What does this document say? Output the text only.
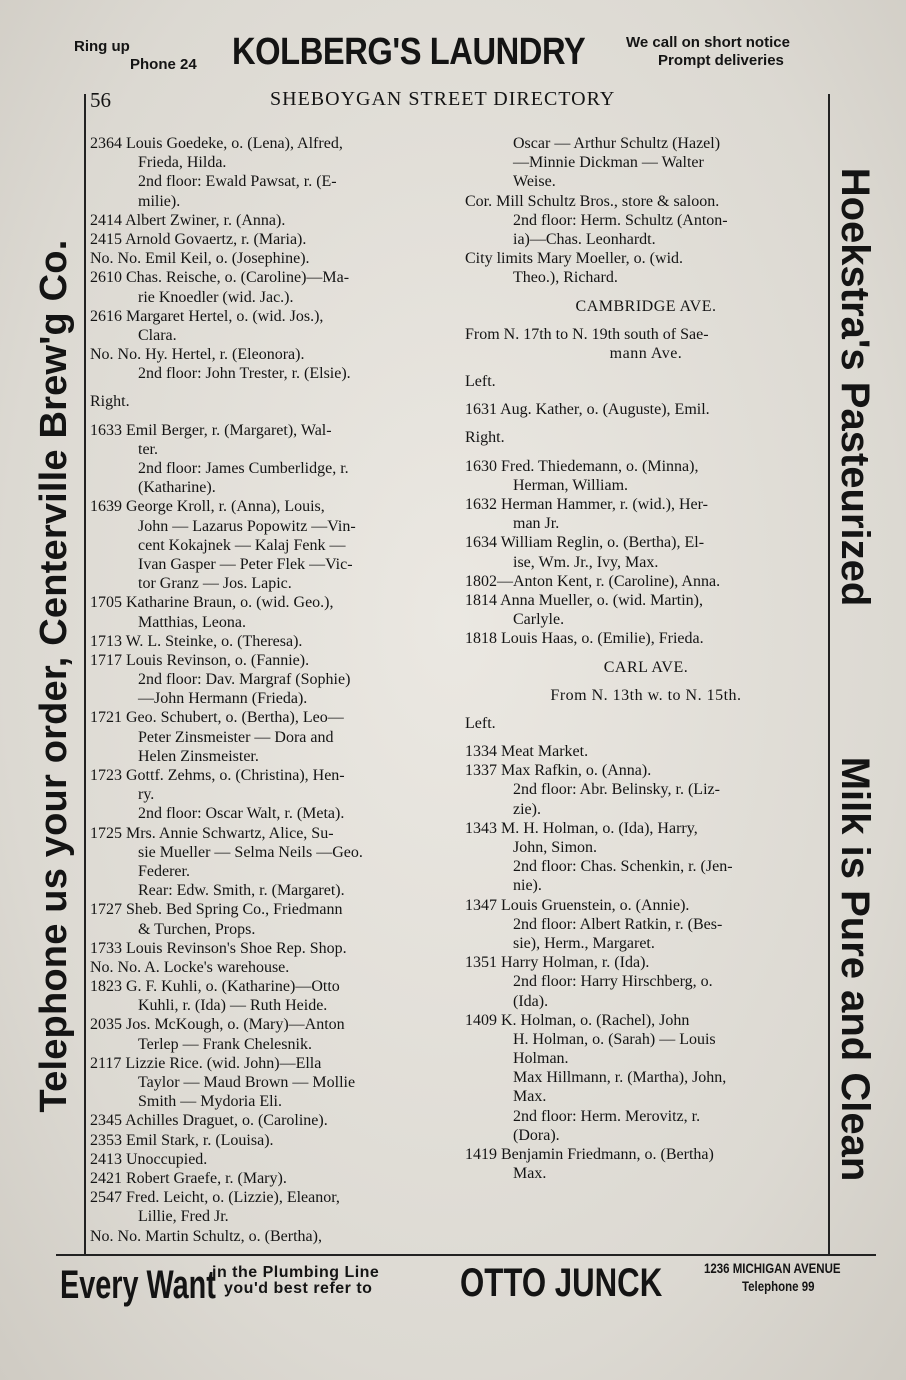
Ring up
Phone 24 KOLBERG'S LAUNDRY	We call on short notice
Prompt deliveries
Telephone us your order, Centerville Brew'g Co.	Hoekstra's Pasteurized
Milk is Pure and Clean
56	SHEBOYGAN STREET DIRECTORY
2364 Louis Goedeke, o. (Lena), Alfred,
Frieda, Hilda.
2nd floor: Ewald Pawsat, r. (E-
milie).
2414 Albert Zwiner, r. (Anna).
2415 Arnold Govaertz, r. (Maria).
No. No. Emil Keil, o. (Josephine).
2610 Chas. Reische, o. (Caroline)—Ma-
rie Knoedler (wid. Jac.).
2616 Margaret Hertel, o. (wid. Jos.),
Clara.
No. No. Hy. Hertel, r. (Eleonora).
2nd floor: John Trester, r. (Elsie).
Right.
1633 Emil Berger, r. (Margaret), Wal-
ter.
2nd floor: James Cumberlidge, r.
(Katharine).
1639 George Kroll, r. (Anna), Louis,
John — Lazarus Popowitz —Vin-
cent Kokajnek — Kalaj Fenk —
Ivan Gasper — Peter Flek —Vic-
tor Granz — Jos. Lapic.
1705 Katharine Braun, o. (wid. Geo.),
Matthias, Leona.
1713 W. L. Steinke, o. (Theresa).
1717 Louis Revinson, o. (Fannie).
2nd floor: Dav. Margraf (Sophie)
—John Hermann (Frieda).
1721 Geo. Schubert, o. (Bertha), Leo—
Peter Zinsmeister — Dora and
Helen Zinsmeister.
1723 Gottf. Zehms, o. (Christina), Hen-
ry.
2nd floor: Oscar Walt, r. (Meta).
1725 Mrs. Annie Schwartz, Alice, Su-
sie Mueller — Selma Neils —Geo.
Federer.
Rear: Edw. Smith, r. (Margaret).
1727 Sheb. Bed Spring Co., Friedmann
& Turchen, Props.
1733 Louis Revinson's Shoe Rep. Shop.
No. No. A. Locke's warehouse.
1823 G. F. Kuhli, o. (Katharine)—Otto
Kuhli, r. (Ida) — Ruth Heide.
2035 Jos. McKough, o. (Mary)—Anton
Terlep — Frank Chelesnik.
2117 Lizzie Rice. (wid. John)—Ella
Taylor — Maud Brown — Mollie
Smith — Mydoria Eli.
2345 Achilles Draguet, o. (Caroline).
2353 Emil Stark, r. (Louisa).
2413 Unoccupied.
2421 Robert Graefe, r. (Mary).
2547 Fred. Leicht, o. (Lizzie), Eleanor,
Lillie, Fred Jr.
No. No. Martin Schultz, o. (Bertha),
Oscar — Arthur Schultz (Hazel)
—Minnie Dickman — Walter
Weise.
Cor. Mill Schultz Bros., store & saloon.
2nd floor: Herm. Schultz (Anton-
ia)—Chas. Leonhardt.
City limits Mary Moeller, o. (wid.
Theo.), Richard.
CAMBRIDGE AVE.
From N. 17th to N. 19th south of Sae-
mann Ave.
Left.
1631 Aug. Kather, o. (Auguste), Emil.
Right.
1630 Fred. Thiedemann, o. (Minna),
Herman, William.
1632 Herman Hammer, r. (wid.), Her-
man Jr.
1634 William Reglin, o. (Bertha), El-
ise, Wm. Jr., Ivy, Max.
1802—Anton Kent, r. (Caroline), Anna.
1814 Anna Mueller, o. (wid. Martin),
Carlyle.
1818 Louis Haas, o. (Emilie), Frieda.
CARL AVE.
From N. 13th w. to N. 15th.
Left.
1334 Meat Market.
1337 Max Rafkin, o. (Anna).
2nd floor: Abr. Belinsky, r. (Liz-
zie).
1343 M. H. Holman, o. (Ida), Harry,
John, Simon.
2nd floor: Chas. Schenkin, r. (Jen-
nie).
1347 Louis Gruenstein, o. (Annie).
2nd floor: Albert Ratkin, r. (Bes-
sie), Herm., Margaret.
1351 Harry Holman, r. (Ida).
2nd floor: Harry Hirschberg, o.
(Ida).
1409 K. Holman, o. (Rachel), John
H. Holman, o. (Sarah) — Louis
Holman.
Max Hillmann, r. (Martha), John,
Max.
2nd floor: Herm. Merovitz, r.
(Dora).
1419 Benjamin Friedmann, o. (Bertha)
Max.
Every Want
in the Plumbing Line
you'd best refer to OTTO JUNCK	1236 MICHIGAN AVENUE
Telephone 99
